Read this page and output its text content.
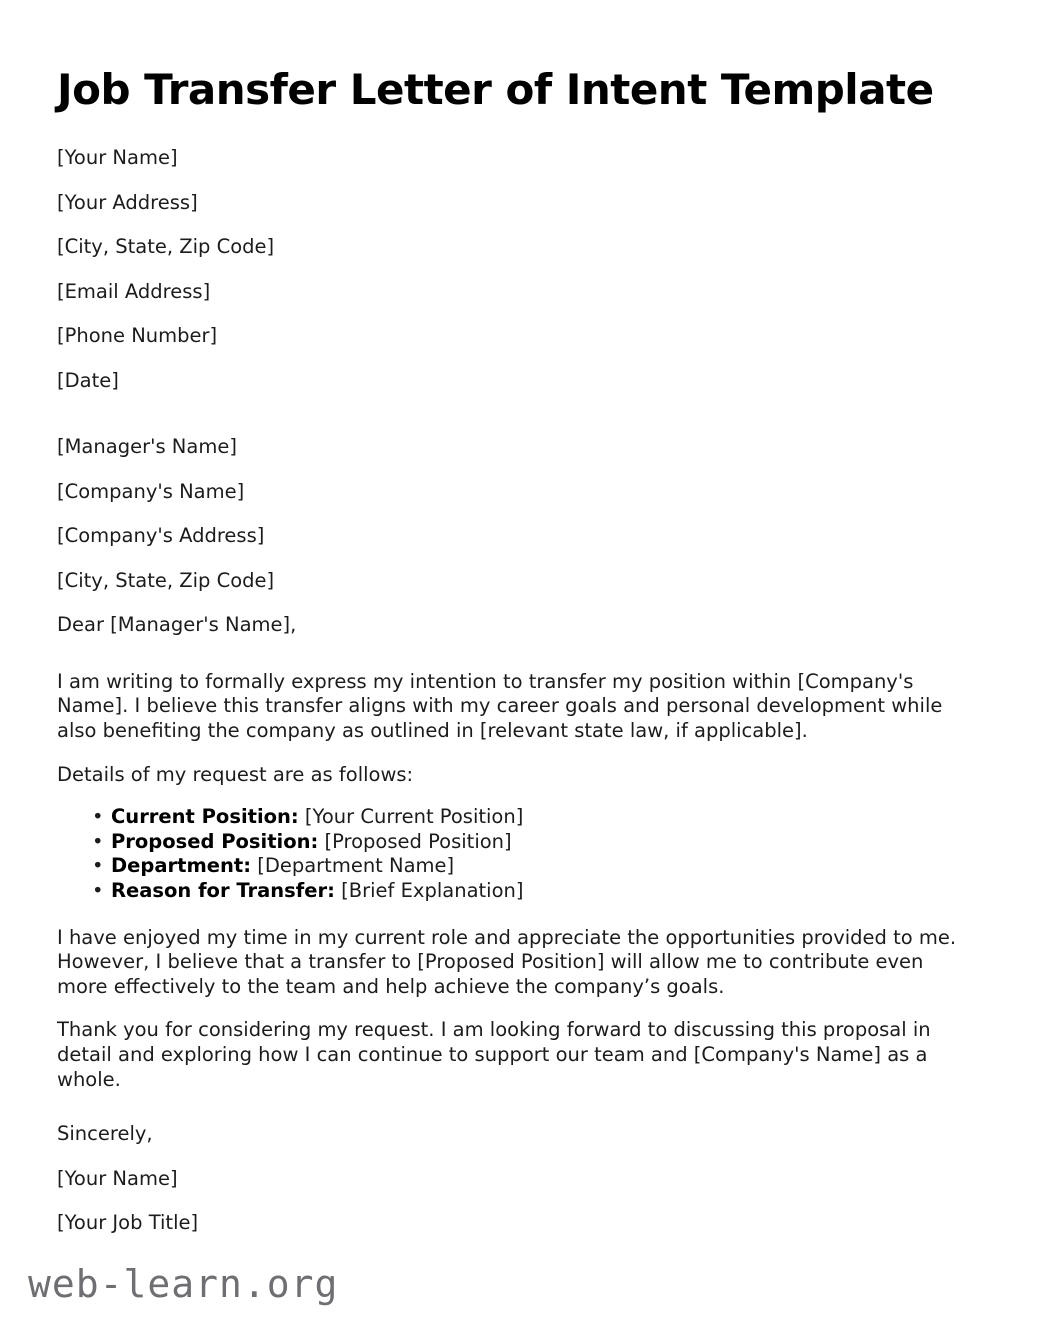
Job Transfer Letter of Intent Template
[Your Name]
[Your Address]
[City, State, Zip Code]
[Email Address]
[Phone Number]
[Date]
[Manager's Name]
[Company's Name]
[Company's Address]
[City, State, Zip Code]
Dear [Manager's Name],

I am writing to formally express my intention to transfer my position within [Company's Name]. I believe this transfer aligns with my career goals and personal development while also benefiting the company as outlined in [relevant state law, if applicable].

Details of my request are as follows:

• Current Position: [Your Current Position]
• Proposed Position: [Proposed Position]
• Department: [Department Name]
• Reason for Transfer: [Brief Explanation]

I have enjoyed my time in my current role and appreciate the opportunities provided to me. However, I believe that a transfer to [Proposed Position] will allow me to contribute even more effectively to the team and help achieve the company’s goals.

Thank you for considering my request. I am looking forward to discussing this proposal in detail and exploring how I can continue to support our team and [Company's Name] as a whole.

Sincerely,
[Your Name]
[Your Job Title]
web-learn.org
